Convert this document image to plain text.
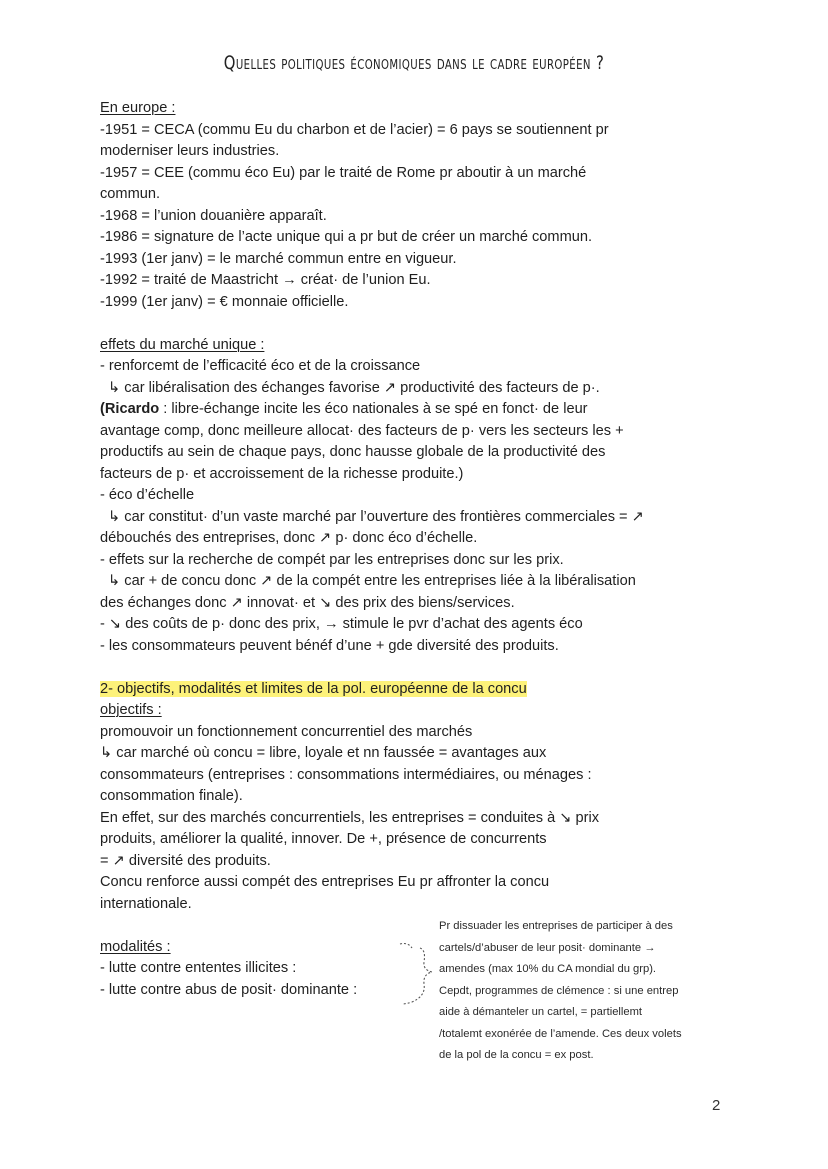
Quelles politiques économiques dans le cadre européen ?
En europe :
-1951 = CECA (commu Eu du charbon et de l’acier) = 6 pays se soutiennent pr
moderniser leurs industries.
-1957 = CEE (commu éco Eu) par le traité de Rome pr aboutir à un marché
commun.
-1968 = l’union douanière apparaît.
-1986 = signature de l’acte unique qui a pr but de créer un marché commun.
-1993 (1er janv) = le marché commun entre en vigueur.
-1992 = traité de Maastricht → créat· de l’union Eu.
-1999 (1er janv) = € monnaie officielle.
effets du marché unique :
- renforcemt de l’efficacité éco et de la croissance
↳ car libéralisation des échanges favorise ↗ productivité des facteurs de p·.
(Ricardo : libre-échange incite les éco nationales à se spé en fonct· de leur
avantage comp, donc meilleure allocat· des facteurs de p· vers les secteurs les +
productifs au sein de chaque pays, donc hausse globale de la productivité des
facteurs de p· et accroissement de la richesse produite.)
- éco d’échelle
↳ car constitut· d’un vaste marché par l’ouverture des frontières commerciales = ↗
débouchés des entreprises, donc ↗ p· donc éco d’échelle.
- effets sur la recherche de compét par les entreprises donc sur les prix.
↳ car + de concu donc ↗ de la compét entre les entreprises liée à la libéralisation
des échanges donc ↗ innovat· et ↘ des prix des biens/services.
- ↘ des coûts de p· donc des prix, → stimule le pvr d’achat des agents éco
- les consommateurs peuvent bénéf d’une + gde diversité des produits.
2- objectifs, modalités et limites de la pol. européenne de la concu
objectifs :
promouvoir un fonctionnement concurrentiel des marchés
↳ car marché où concu = libre, loyale et nn faussée = avantages aux
consommateurs (entreprises : consommations intermédiaires, ou ménages :
consommation finale).
En effet, sur des marchés concurrentiels, les entreprises = conduites à ↘ prix
produits, améliorer la qualité, innover. De +, présence de concurrents
= ↗ diversité des produits.
Concu renforce aussi compét des entreprises Eu pr affronter la concu
internationale.
modalités :
- lutte contre ententes illicites :
- lutte contre abus de posit· dominante :
Pr dissuader les entreprises de participer à des
cartels/d’abuser de leur posit· dominante →
amendes (max 10% du CA mondial du grp).
Cepdt, programmes de clémence : si une entrep
aide à démanteler un cartel, = partiellemt
/totalemt exonérée de l’amende. Ces deux volets
de la pol de la concu = ex post.
2
